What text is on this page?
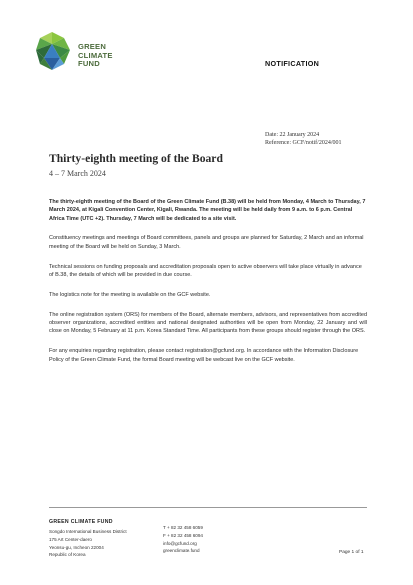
GREEN
CLIMATE
FUND	NOTIFICATION
Date: 22 January 2024
Reference: GCF/notif/2024/001
Thirty-eighth meeting of the Board
4 – 7 March 2024

The thirty-eighth meeting of the Board of the Green Climate Fund (B.38) will be held from Monday, 4 March to Thursday, 7 March 2024, at Kigali Convention Center, Kigali, Rwanda. The meeting will be held daily from 9 a.m. to 6 p.m. Central Africa Time (UTC +2). Thursday, 7 March will be dedicated to a site visit.

Constituency meetings and meetings of Board committees, panels and groups are planned for Saturday, 2 March and an informal meeting of the Board will be held on Sunday, 3 March.

Technical sessions on funding proposals and accreditation proposals open to active observers will take place virtually in advance of B.38, the details of which will be provided in due course.

The logistics note for the meeting is available on the GCF website.

The online registration system (ORS) for members of the Board, alternate members, advisors, and representatives from accredited observer organizations, accredited entities and national designated authorities will be open from Monday, 22 January and will close on Monday, 5 February at 11 p.m. Korea Standard Time. All participants from these groups should register through the ORS.

For any enquiries regarding registration, please contact registration@gcfund.org. In accordance with the Information Disclosure Policy of the Green Climate Fund, the formal Board meeting will be webcast live on the GCF website.

GREEN CLIMATE FUND
Songdo International Business District
175 Art Center-daero
Yeonsu-gu, Incheon 22004
Republic of Korea
T + 82 32 458 6059
F + 82 32 458 6094
info@gcfund.org
greenclimate.fund	Page 1 of 1
